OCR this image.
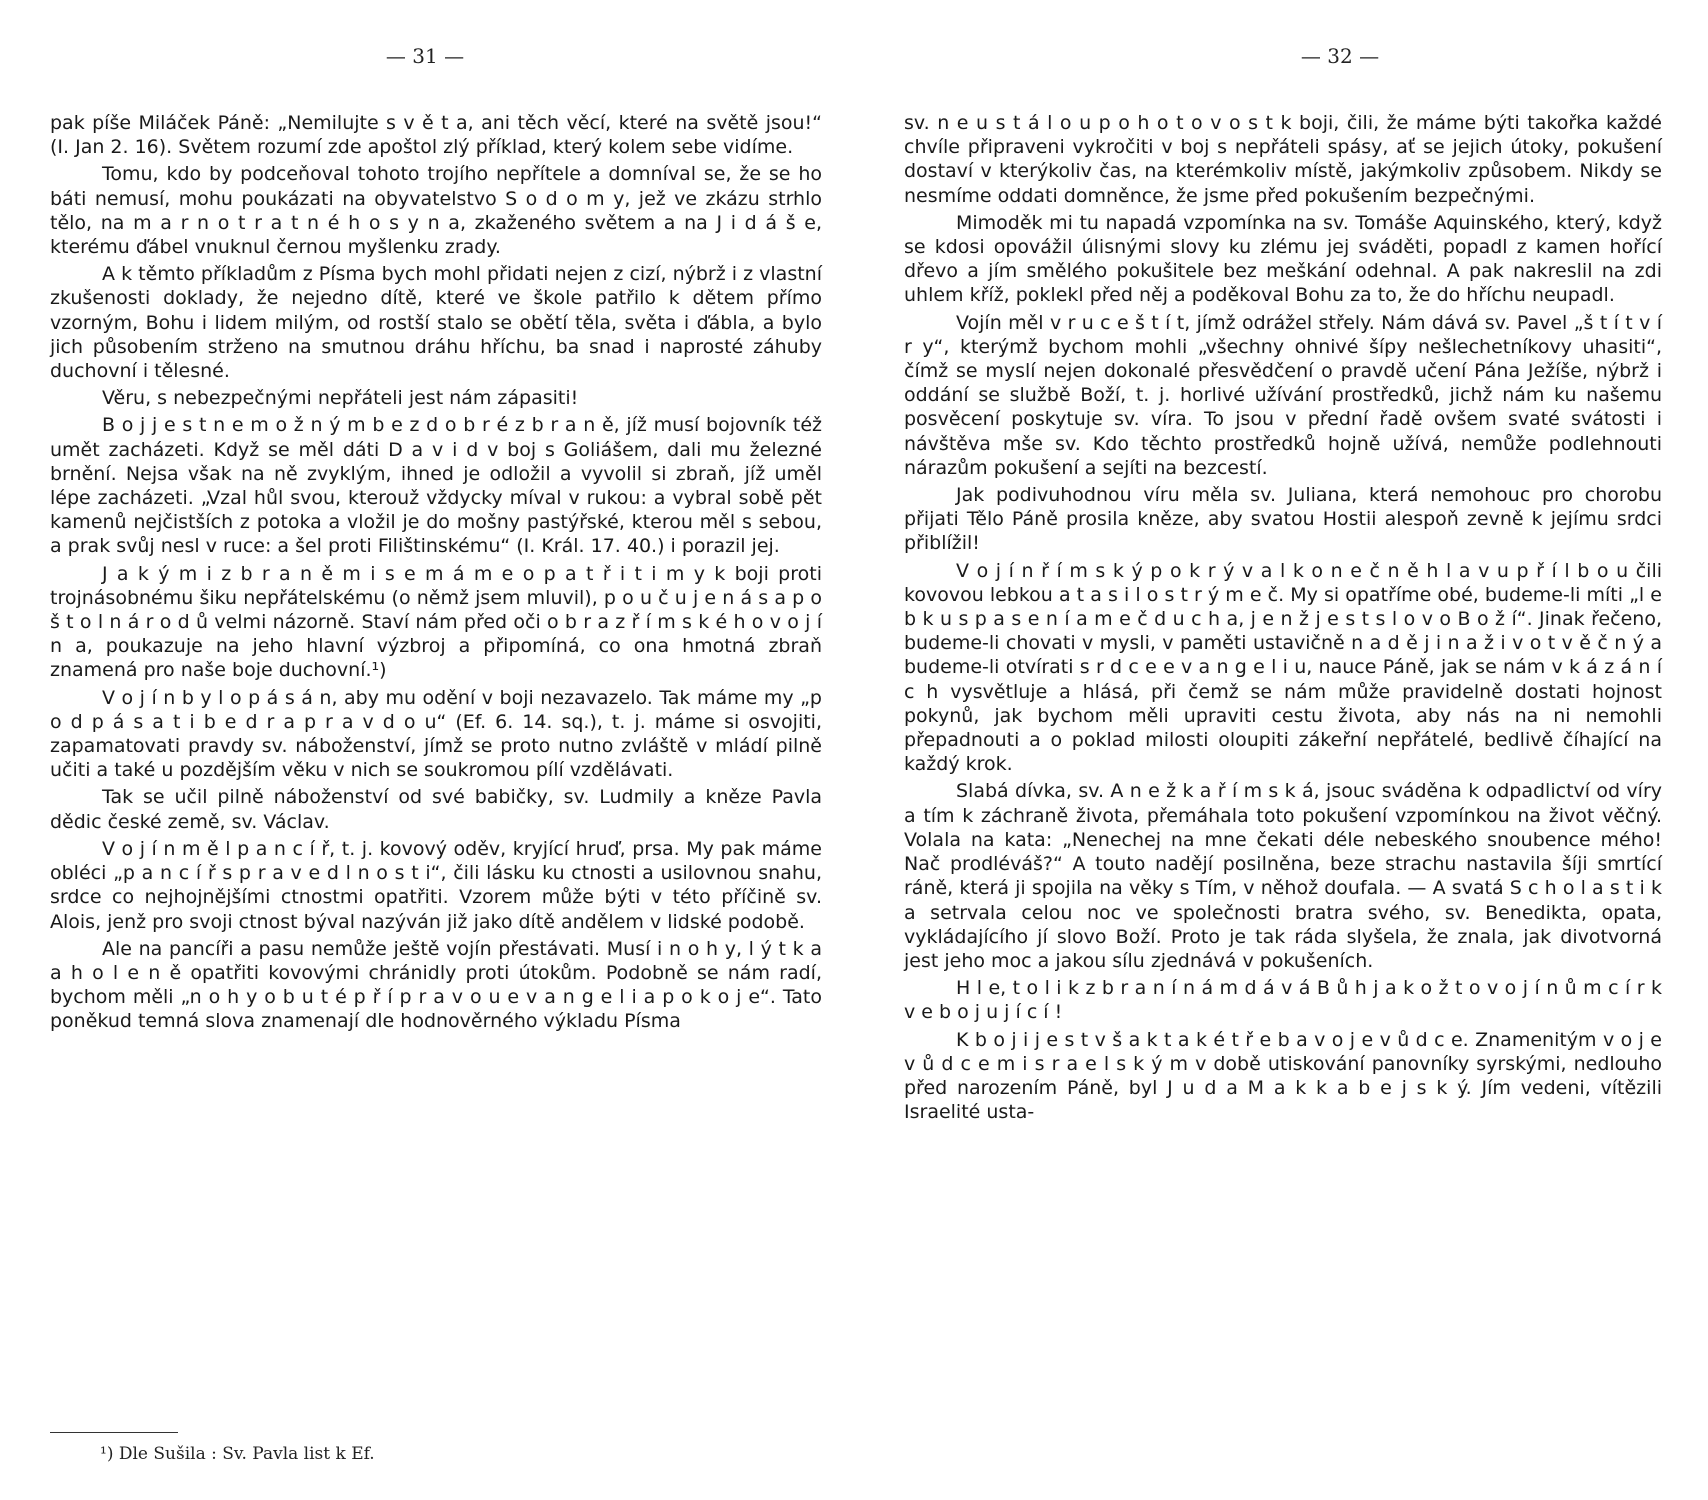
— 31 —

pak píše Miláček Páně: „Nemilujte s v ě t a, ani těch věcí, které na světě jsou!“ (I. Jan 2. 16). Světem rozumí zde apoštol zlý příklad, který kolem sebe vidíme.

Tomu, kdo by podceňoval tohoto trojího nepřítele a domníval se, že se ho báti nemusí, mohu poukázati na obyvatelstvo S o d o m y, jež ve zkázu strhlo tělo, na m a r n o t r a t n é h o s y n a, zkaženého světem a na J i d á š e, kterému ďábel vnuknul černou myšlenku zrady.

A k těmto příkladům z Písma bych mohl přidati nejen z cizí, nýbrž i z vlastní zkušenosti doklady, že nejedno dítě, které ve škole patřilo k dětem přímo vzorným, Bohu i lidem milým, od rostší stalo se obětí těla, světa i ďábla, a bylo jich působením strženo na smutnou dráhu hříchu, ba snad i naprosté záhuby duchovní i tělesné.

Věru, s nebezpečnými nepřáteli jest nám zápasiti!

B o j j e s t n e m o ž n ý m b e z d o b r é z b r a n ě, jíž musí bojovník též umět zacházeti. Když se měl dáti D a v i d v boj s Goliášem, dali mu železné brnění. Nejsa však na ně zvyklým, ihned je odložil a vyvolil si zbraň, jíž uměl lépe zacházeti. „Vzal hůl svou, kterouž vždycky míval v rukou: a vybral sobě pět kamenů nejčistších z potoka a vložil je do mošny pastýřské, kterou měl s sebou, a prak svůj nesl v ruce: a šel proti Filištinskému“ (I. Král. 17. 40.) i porazil jej.

J a k ý m i z b r a n ě m i s e m á m e o p a t ř i t i m y k boji proti trojnásobnému šiku nepřátelskému (o němž jsem mluvil), p o u č u j e n á s a p o š t o l n á r o d ů velmi názorně. Staví nám před oči o b r a z ř í m s k é h o v o j í n a, poukazuje na jeho hlavní výzbroj a připomíná, co ona hmotná zbraň znamená pro naše boje duchovní.¹)

V o j í n b y l o p á s á n, aby mu odění v boji nezavazelo. Tak máme my „p o d p á s a t i b e d r a p r a v d o u“ (Ef. 6. 14. sq.), t. j. máme si osvojiti, zapamatovati pravdy sv. náboženství, jímž se proto nutno zvláště v mládí pilně učiti a také u pozdějším věku v nich se soukromou pílí vzdělávati.

Tak se učil pilně náboženství od své babičky, sv. Ludmily a kněze Pavla dědic české země, sv. Václav.

V o j í n m ě l p a n c í ř, t. j. kovový oděv, kryjící hruď, prsa. My pak máme obléci „p a n c í ř s p r a v e d l n o s t i“, čili lásku ku ctnosti a usilovnou snahu, srdce co nejhojnějšími ctnostmi opatřiti. Vzorem může býti v této příčině sv. Alois, jenž pro svoji ctnost býval nazýván již jako dítě andělem v lidské podobě.

Ale na pancíři a pasu nemůže ještě vojín přestávati. Musí i n o h y, l ý t k a a h o l e n ě opatřiti kovovými chránidly proti útokům. Podobně se nám radí, bychom měli „n o h y o b u t é p ř í p r a v o u e v a n g e l i a p o k o j e“. Tato poněkud temná slova znamenají dle hodnověrného výkladu Písma

¹) Dle Sušila : Sv. Pavla list k Ef.
— 32 —

sv. n e u s t á l o u p o h o t o v o s t k boji, čili, že máme býti takořka každé chvíle připraveni vykročiti v boj s nepřáteli spásy, ať se jejich útoky, pokušení dostaví v kterýkoliv čas, na kterémkoliv místě, jakýmkoliv způsobem. Nikdy se nesmíme oddati domněnce, že jsme před pokušením bezpečnými.

Mimoděk mi tu napadá vzpomínka na sv. Tomáše Aquinského, který, když se kdosi opovážil úlisnými slovy ku zlému jej sváděti, popadl z kamen hořící dřevo a jím smělého pokušitele bez meškání odehnal. A pak nakreslil na zdi uhlem kříž, poklekl před něj a poděkoval Bohu za to, že do hříchu neupadl.

Vojín měl v r u c e š t í t, jímž odrážel střely. Nám dává sv. Pavel „š t í t v í r y“, kterýmž bychom mohli „všechny ohnivé šípy nešlechetníkovy uhasiti“, čímž se myslí nejen dokonalé přesvědčení o pravdě učení Pána Ježíše, nýbrž i oddání se službě Boží, t. j. horlivé užívání prostředků, jichž nám ku našemu posvěcení poskytuje sv. víra. To jsou v přední řadě ovšem svaté svátosti i návštěva mše sv. Kdo těchto prostředků hojně užívá, nemůže podlehnouti nárazům pokušení a sejíti na bezcestí.

Jak podivuhodnou víru měla sv. Juliana, která nemohouc pro chorobu přijati Tělo Páně prosila kněze, aby svatou Hostii alespoň zevně k jejímu srdci přiblížil!

V o j í n ř í m s k ý p o k r ý v a l k o n e č n ě h l a v u p ř í l b o u čili kovovou lebkou a t a s i l o s t r ý m e č. My si opatříme obé, budeme-li míti „l e b k u s p a s e n í a m e č d u c h a, j e n ž j e s t s l o v o B o ž í“. Jinak řečeno, budeme-li chovati v mysli, v paměti ustavičně n a d ě j i n a ž i v o t v ě č n ý a budeme-li otvírati s r d c e e v a n g e l i u, nauce Páně, jak se nám v k á z á n í c h vysvětluje a hlásá, při čemž se nám může pravidelně dostati hojnost pokynů, jak bychom měli upraviti cestu života, aby nás na ni nemohli přepadnouti a o poklad milosti oloupiti zákeřní nepřátelé, bedlivě číhající na každý krok.

Slabá dívka, sv. A n e ž k a ř í m s k á, jsouc sváděna k odpadlictví od víry a tím k záchraně života, přemáhala toto pokušení vzpomínkou na život věčný. Volala na kata: „Nenechej na mne čekati déle nebeského snoubence mého! Nač prodléváš?“ A touto nadějí posilněna, beze strachu nastavila šíji smrtící ráně, která ji spojila na věky s Tím, v něhož doufala. — A svatá S c h o l a s t i k a setrvala celou noc ve společnosti bratra svého, sv. Benedikta, opata, vykládajícího jí slovo Boží. Proto je tak ráda slyšela, že znala, jak divotvorná jest jeho moc a jakou sílu zjednává v pokušeních.

H l e, t o l i k z b r a n í n á m d á v á B ů h j a k o ž t o v o j í n ů m c í r k v e b o j u j í c í !

K b o j i j e s t v š a k t a k é t ř e b a v o j e v ů d c e. Znamenitým v o j e v ů d c e m i s r a e l s k ý m v době utiskování panovníky syrskými, nedlouho před narozením Páně, byl J u d a M a k k a b e j s k ý. Jím vedeni, vítězili Israelité usta-
